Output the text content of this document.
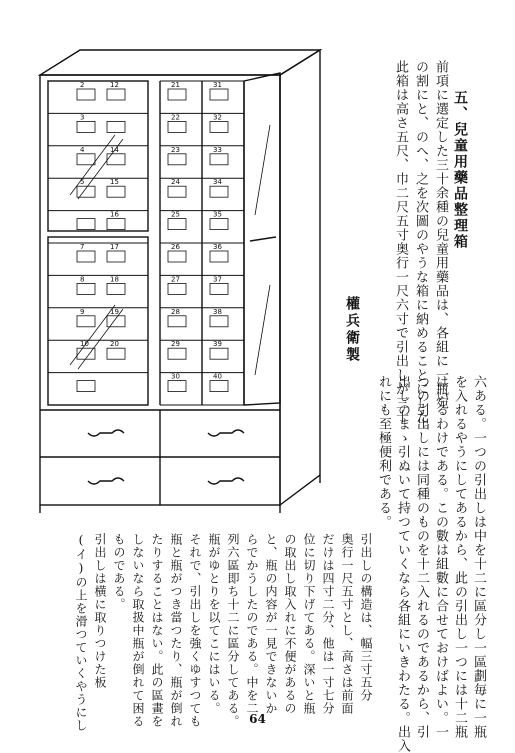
2
3
4
5
7
8
9
10
12
14
15
16
17
18
19
20
21
22
23
24
25
26
27
28
29
30
31
32
33
34
35
36
37
38
39
40
權兵衛製
五、兒童用藥品整理箱
前項に選定した三十余種の兒童用藥品は、各組に一瓶宛
の割にと、のへ、之を次圖のやうな箱に納めることにした。
此箱は高さ五尺、巾二尺五寸奥行一尺六寸で引出しが三十
六ある。一つの引出しは中を十二に區分し一區劃毎に一瓶
を入れるやうにしてあるから、此の引出し一つには十二瓶
はいるわけである。この數は組數に合せておけばよい。一
つの引出しには同種のものを十二入れるのであるから、引
出しのまゝ引ぬいて持つていくなら各組にいきわたる。出入
れにも至極便利である。
引出しの構造は、幅三寸五分
奥行一尺五寸とし、高さは前面
だけは四寸二分、他は一寸七分
位に切り下げてある。深いと瓶
の取出し取入れに不便があるの
と、瓶の内容が一見できないか
らでかうしたのである。中を二
列六區即ち十二に區分してある。
瓶がゆとりを以てこにはいる。
それで、引出しを強くゆすつても
瓶と瓶がつき當つたり、瓶が倒れ
たりすることはない。此の區畫を
しないなら取扱中瓶が倒れて困る
ものである。
引出しは横に取りつけた板
(イ)の上を滑つていくやうにし	64
